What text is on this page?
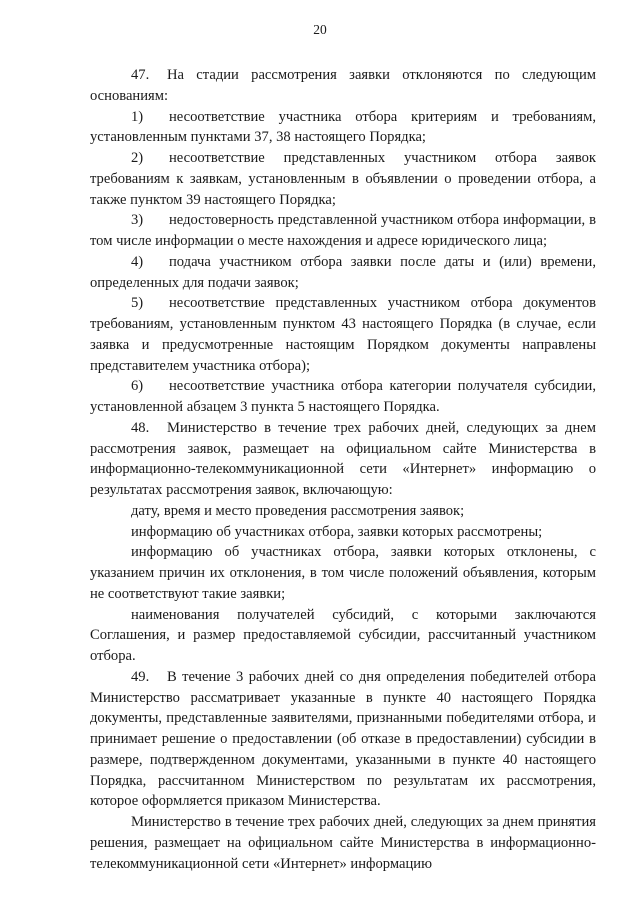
20

47. На стадии рассмотрения заявки отклоняются по следующим основаниям:

1) несоответствие участника отбора критериям и требованиям, установленным пунктами 37, 38 настоящего Порядка;

2) несоответствие представленных участником отбора заявок требованиям к заявкам, установленным в объявлении о проведении отбора, а также пунктом 39 настоящего Порядка;

3) недостоверность представленной участником отбора информации, в том числе информации о месте нахождения и адресе юридического лица;

4) подача участником отбора заявки после даты и (или) времени, определенных для подачи заявок;

5) несоответствие представленных участником отбора документов требованиям, установленным пунктом 43 настоящего Порядка (в случае, если заявка и предусмотренные настоящим Порядком документы направлены представителем участника отбора);

6) несоответствие участника отбора категории получателя субсидии, установленной абзацем 3 пункта 5 настоящего Порядка.

48. Министерство в течение трех рабочих дней, следующих за днем рассмотрения заявок, размещает на официальном сайте Министерства в информационно-телекоммуникационной сети «Интернет» информацию о результатах рассмотрения заявок, включающую:

дату, время и место проведения рассмотрения заявок;

информацию об участниках отбора, заявки которых рассмотрены;

информацию об участниках отбора, заявки которых отклонены, с указанием причин их отклонения, в том числе положений объявления, которым не соответствуют такие заявки;

наименования получателей субсидий, с которыми заключаются Соглашения, и размер предоставляемой субсидии, рассчитанный участником отбора.

49. В течение 3 рабочих дней со дня определения победителей отбора Министерство рассматривает указанные в пункте 40 настоящего Порядка документы, представленные заявителями, признанными победителями отбора, и принимает решение о предоставлении (об отказе в предоставлении) субсидии в размере, подтвержденном документами, указанными в пункте 40 настоящего Порядка, рассчитанном Министерством по результатам их рассмотрения, которое оформляется приказом Министерства.

Министерство в течение трех рабочих дней, следующих за днем принятия решения, размещает на официальном сайте Министерства в информационно-телекоммуникационной сети «Интернет» информацию
